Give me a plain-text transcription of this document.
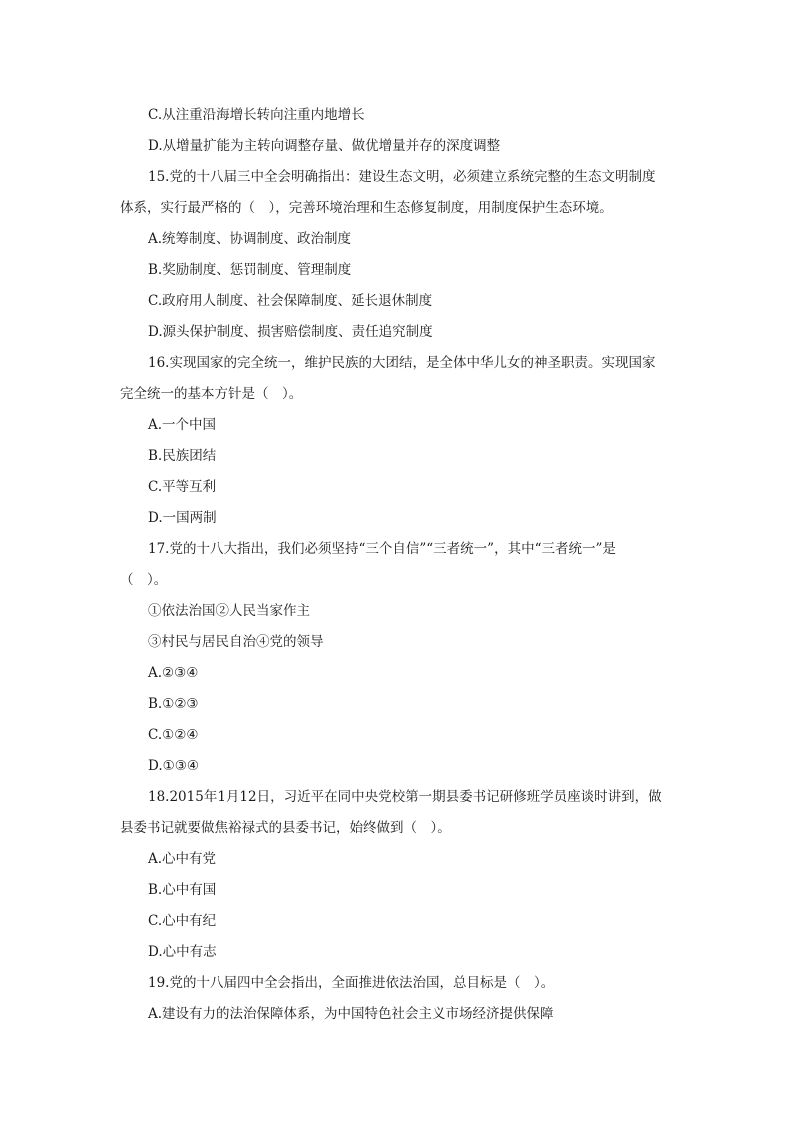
C.从注重沿海增长转向注重内地增长
D.从增量扩能为主转向调整存量、做优增量并存的深度调整
15.党的十八届三中全会明确指出：建设生态文明，必须建立系统完整的生态文明制度
体系，实行最严格的（　），完善环境治理和生态修复制度，用制度保护生态环境。
A.统筹制度、协调制度、政治制度
B.奖励制度、惩罚制度、管理制度
C.政府用人制度、社会保障制度、延长退休制度
D.源头保护制度、损害赔偿制度、责任追究制度
16.实现国家的完全统一，维护民族的大团结，是全体中华儿女的神圣职责。实现国家
完全统一的基本方针是（　）。
A.一个中国
B.民族团结
C.平等互利
D.一国两制
17.党的十八大指出，我们必须坚持“三个自信”“三者统一”，其中“三者统一”是
（　）。
①依法治国②人民当家作主
③村民与居民自治④党的领导
A.②③④
B.①②③
C.①②④
D.①③④
18.2015年1月12日，习近平在同中央党校第一期县委书记研修班学员座谈时讲到，做
县委书记就要做焦裕禄式的县委书记，始终做到（　）。
A.心中有党
B.心中有国
C.心中有纪
D.心中有志
19.党的十八届四中全会指出，全面推进依法治国，总目标是（　）。
A.建设有力的法治保障体系，为中国特色社会主义市场经济提供保障
